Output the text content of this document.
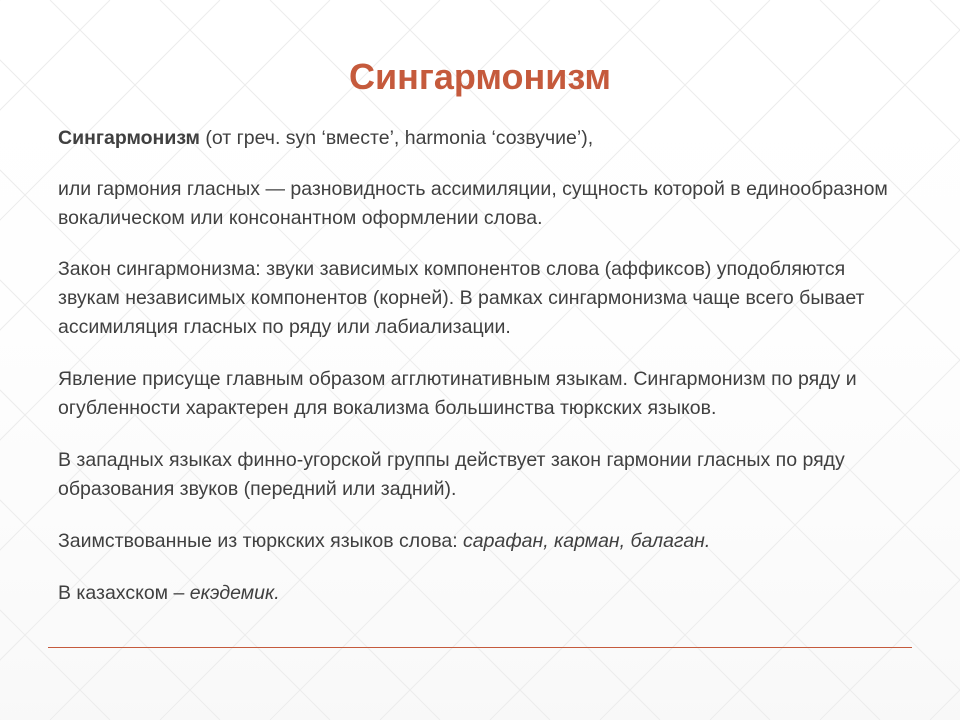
Сингармонизм

Сингармонизм (от греч. syn ‘вместе’, harmonia ‘созвучие’),

или гармония гласных — разновидность ассимиляции, сущность которой в единообразном вокалическом или консонантном оформлении слова.

Закон сингармонизма: звуки зависимых компонентов слова (аффиксов) уподобляются звукам независимых компонентов (корней). В рамках сингармонизма чаще всего бывает ассимиляция гласных по ряду или лабиализации.

Явление присуще главным образом агглютинативным языкам. Сингармонизм по ряду и огубленности характерен для вокализма большинства тюркских языков.

В западных языках финно-угорской группы действует закон гармонии гласных по ряду образования звуков (передний или задний).

Заимствованные из тюркских языков слова: сарафан, карман, балаган.

В казахском – екэдемик.
